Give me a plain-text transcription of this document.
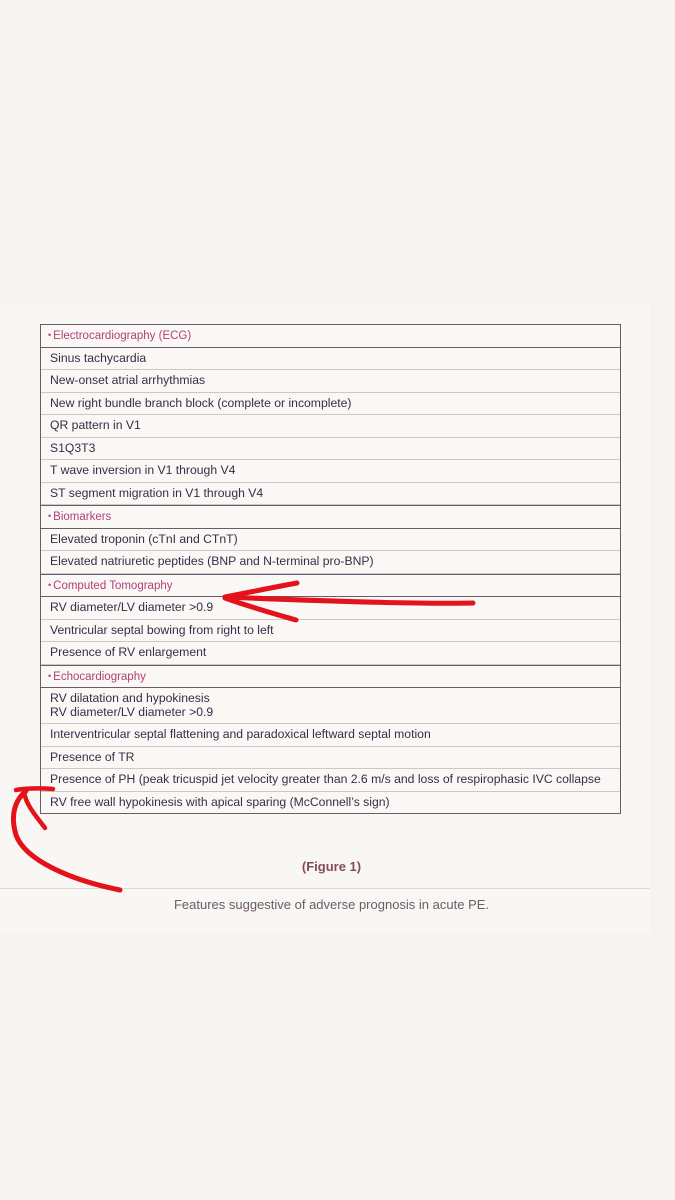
• Electrocardiography (ECG)
Sinus tachycardia
New-onset atrial arrhythmias
New right bundle branch block (complete or incomplete)
QR pattern in V1
S1Q3T3
T wave inversion in V1 through V4
ST segment migration in V1 through V4
• Biomarkers
Elevated troponin (cTnI and CTnT)
Elevated natriuretic peptides (BNP and N-terminal pro-BNP)
• Computed Tomography
RV diameter/LV diameter >0.9
Ventricular septal bowing from right to left
Presence of RV enlargement
• Echocardiography
RV dilatation and hypokinesis
RV diameter/LV diameter >0.9
Interventricular septal flattening and paradoxical leftward septal motion
Presence of TR
Presence of PH (peak tricuspid jet velocity greater than 2.6 m/s and loss of respirophasic IVC collapse
RV free wall hypokinesis with apical sparing (McConnell’s sign)
(Figure 1)
Features suggestive of adverse prognosis in acute PE.
